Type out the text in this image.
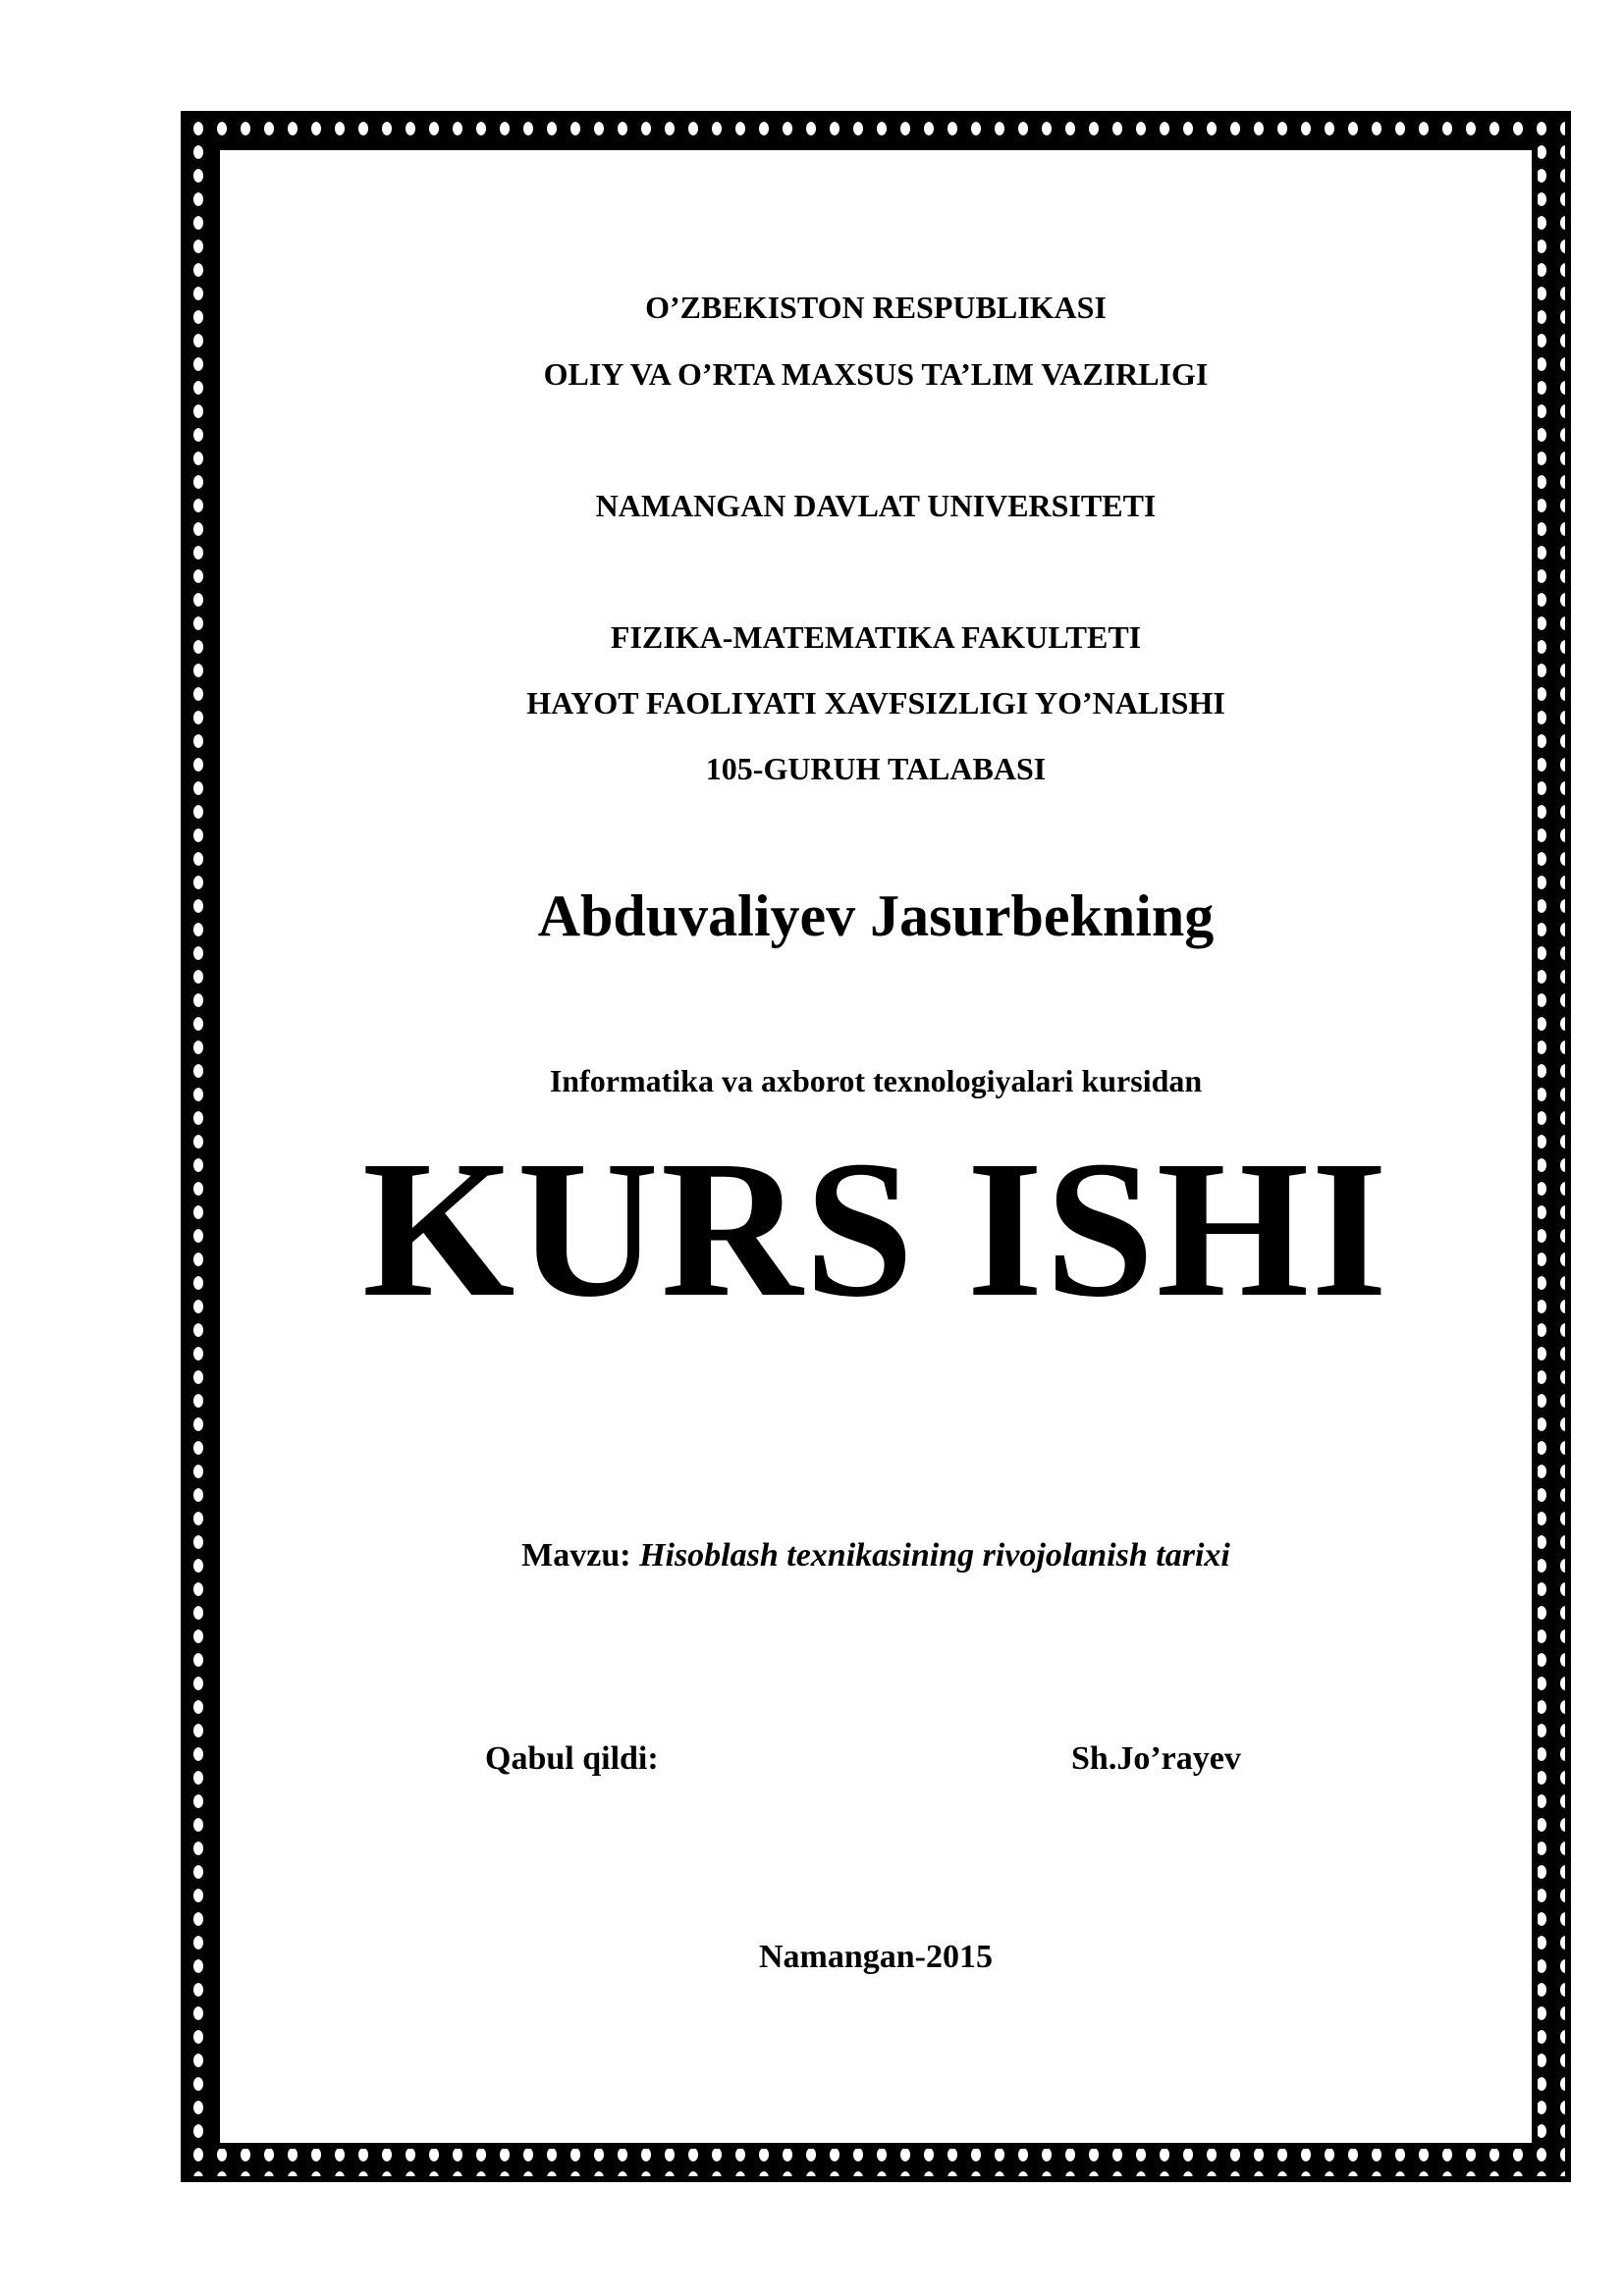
O’ZBEKISTON RESPUBLIKASI
OLIY VA O’RTA MAXSUS TA’LIM VAZIRLIGI
NAMANGAN DAVLAT UNIVERSITETI
FIZIKA-MATEMATIKA FAKULTETI
HAYOT FAOLIYATI XAVFSIZLIGI YO’NALISHI
105-GURUH TALABASI
Abduvaliyev Jasurbekning
Informatika va axborot texnologiyalari kursidan
KURS ISHI
Mavzu: Hisoblash texnikasining rivojolanish tarixi
Qabul qildi:	Sh.Jo’rayev
Namangan-2015
